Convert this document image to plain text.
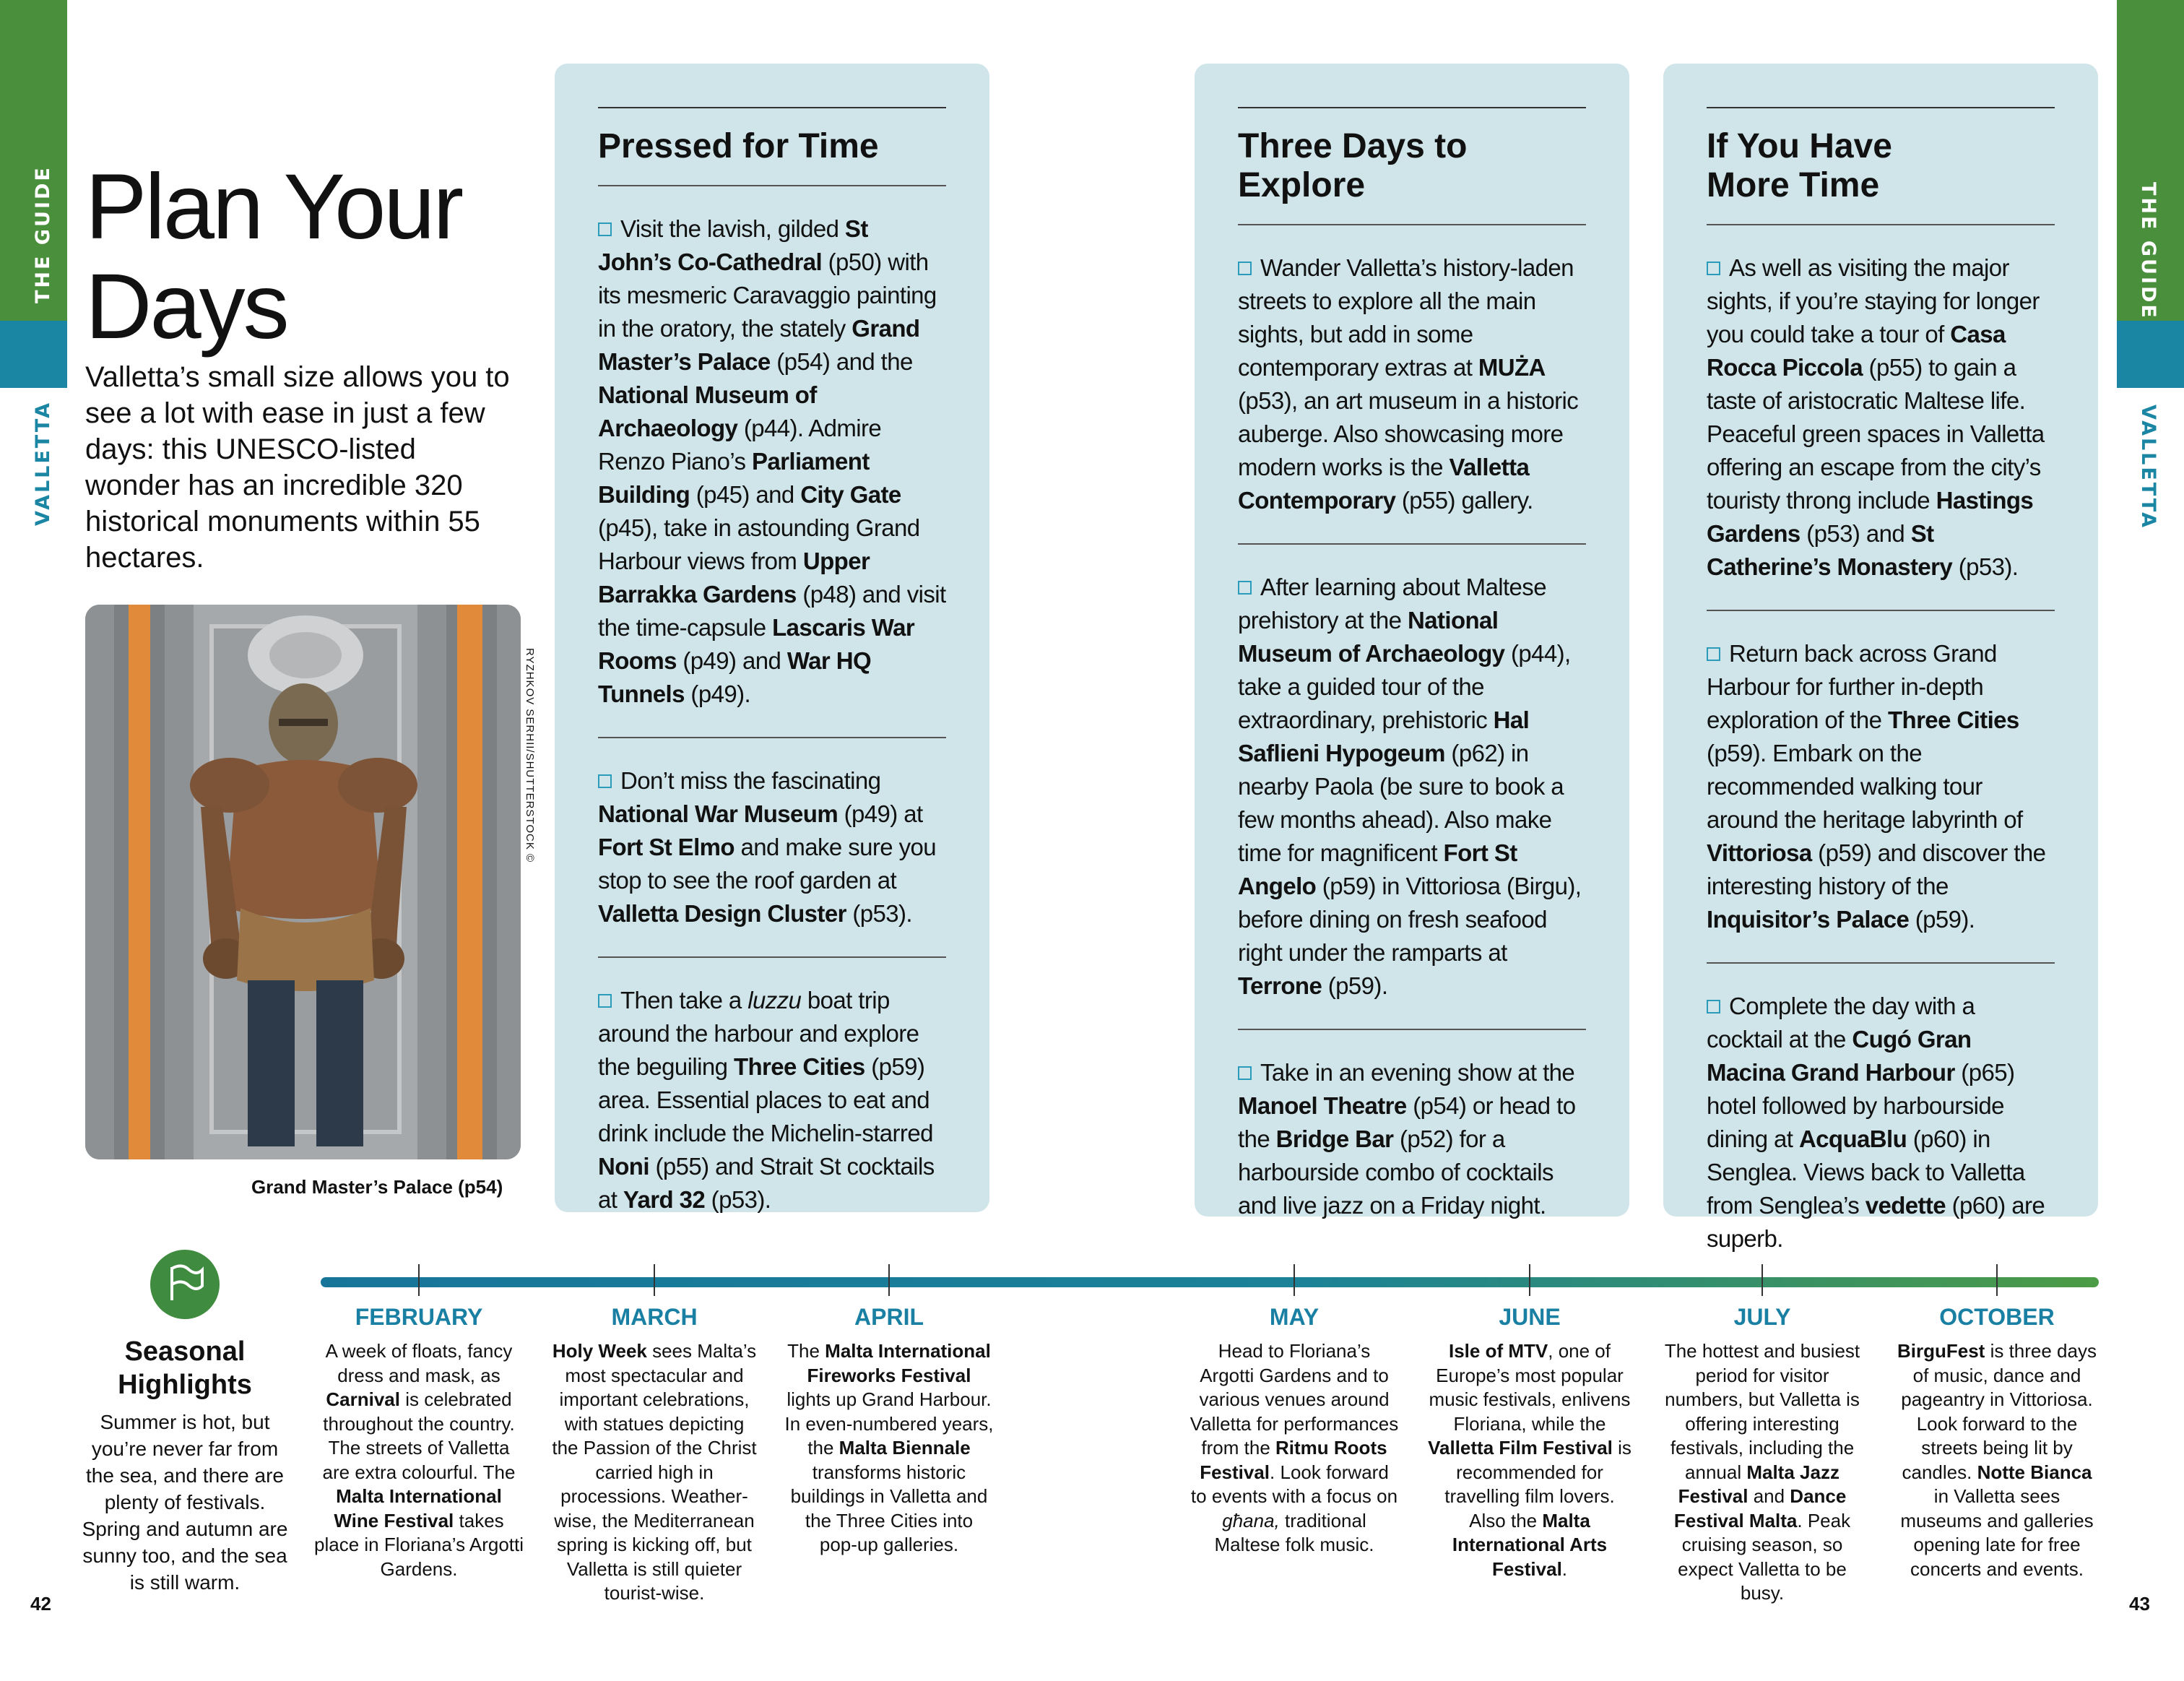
THE GUIDE
VALLETTA
THE GUIDE
VALLETTA
Plan Your Days

Valletta’s small size allows you to see a lot with ease in just a few days: this UNESCO-listed wonder has an incredible 320 historical monuments within 55 hectares.

RYZHKOV SERHII/SHUTTERSTOCK ©
Grand Master’s Palace (p54)
Pressed for Time
Visit the lavish, gilded St John’s Co-Cathedral (p50) with its mesmeric Caravaggio painting in the oratory, the stately Grand Master’s Palace (p54) and the National Museum of Archaeology (p44). Admire Renzo Piano’s Parliament Building (p45) and City Gate (p45), take in astounding Grand Harbour views from Upper Barrakka Gardens (p48) and visit the time-capsule Lascaris War Rooms (p49) and War HQ Tunnels (p49).
Don’t miss the fascinating National War Museum (p49) at Fort St Elmo and make sure you stop to see the roof garden at Valletta Design Cluster (p53).
Then take a luzzu boat trip around the harbour and explore the beguiling Three Cities (p59) area. Essential places to eat and drink include the Michelin-starred Noni (p55) and Strait St cocktails at Yard 32 (p53).
Three Days to Explore
Wander Valletta’s history-laden streets to explore all the main sights, but add in some contemporary extras at MUŻA (p53), an art museum in a historic auberge. Also showcasing more modern works is the Valletta Contemporary (p55) gallery.
After learning about Maltese prehistory at the National Museum of Archaeology (p44), take a guided tour of the extraordinary, prehistoric Hal Saflieni Hypogeum (p62) in nearby Paola (be sure to book a few months ahead). Also make time for magnificent Fort St Angelo (p59) in Vittoriosa (Birgu), before dining on fresh seafood right under the ramparts at Terrone (p59).
Take in an evening show at the Manoel Theatre (p54) or head to the Bridge Bar (p52) for a harbourside combo of cocktails and live jazz on a Friday night.
If You Have More Time
As well as visiting the major sights, if you’re staying for longer you could take a tour of Casa Rocca Piccola (p55) to gain a taste of aristocratic Maltese life. Peaceful green spaces in Valletta offering an escape from the city’s touristy throng include Hastings Gardens (p53) and St Catherine’s Monastery (p53).
Return back across Grand Harbour for further in-depth exploration of the Three Cities (p59). Embark on the recommended walking tour around the heritage labyrinth of Vittoriosa (p59) and discover the interesting history of the Inquisitor’s Palace (p59).
Complete the day with a cocktail at the Cugó Gran Macina Grand Harbour (p65) hotel followed by harbourside dining at AcquaBlu (p60) in Senglea. Views back to Valletta from Senglea’s vedette (p60) are superb.
Seasonal Highlights
Summer is hot, but you’re never far from the sea, and there are plenty of festivals. Spring and autumn are sunny too, and the sea is still warm.
FEBRUARY
A week of floats, fancy dress and mask, as Carnival is celebrated throughout the country. The streets of Valletta are extra colourful. The Malta International Wine Festival takes place in Floriana’s Argotti Gardens.
MARCH
Holy Week sees Malta’s most spectacular and important celebrations, with statues depicting the Passion of the Christ carried high in processions. Weather-wise, the Mediterranean spring is kicking off, but Valletta is still quieter tourist-wise.
APRIL
The Malta International Fireworks Festival lights up Grand Harbour. In even-numbered years, the Malta Biennale transforms historic buildings in Valletta and the Three Cities into pop-up galleries.
MAY
Head to Floriana’s Argotti Gardens and to various venues around Valletta for performances from the Ritmu Roots Festival. Look forward to events with a focus on għana, traditional Maltese folk music.
JUNE
Isle of MTV, one of Europe’s most popular music festivals, enlivens Floriana, while the Valletta Film Festival is recommended for travelling film lovers. Also the Malta International Arts Festival.
JULY
The hottest and busiest period for visitor numbers, but Valletta is offering interesting festivals, including the annual Malta Jazz Festival and Dance Festival Malta. Peak cruising season, so expect Valletta to be busy.
OCTOBER
BirguFest is three days of music, dance and pageantry in Vittoriosa. Look forward to the streets being lit by candles. Notte Bianca in Valletta sees museums and galleries opening late for free concerts and events.
42	43
